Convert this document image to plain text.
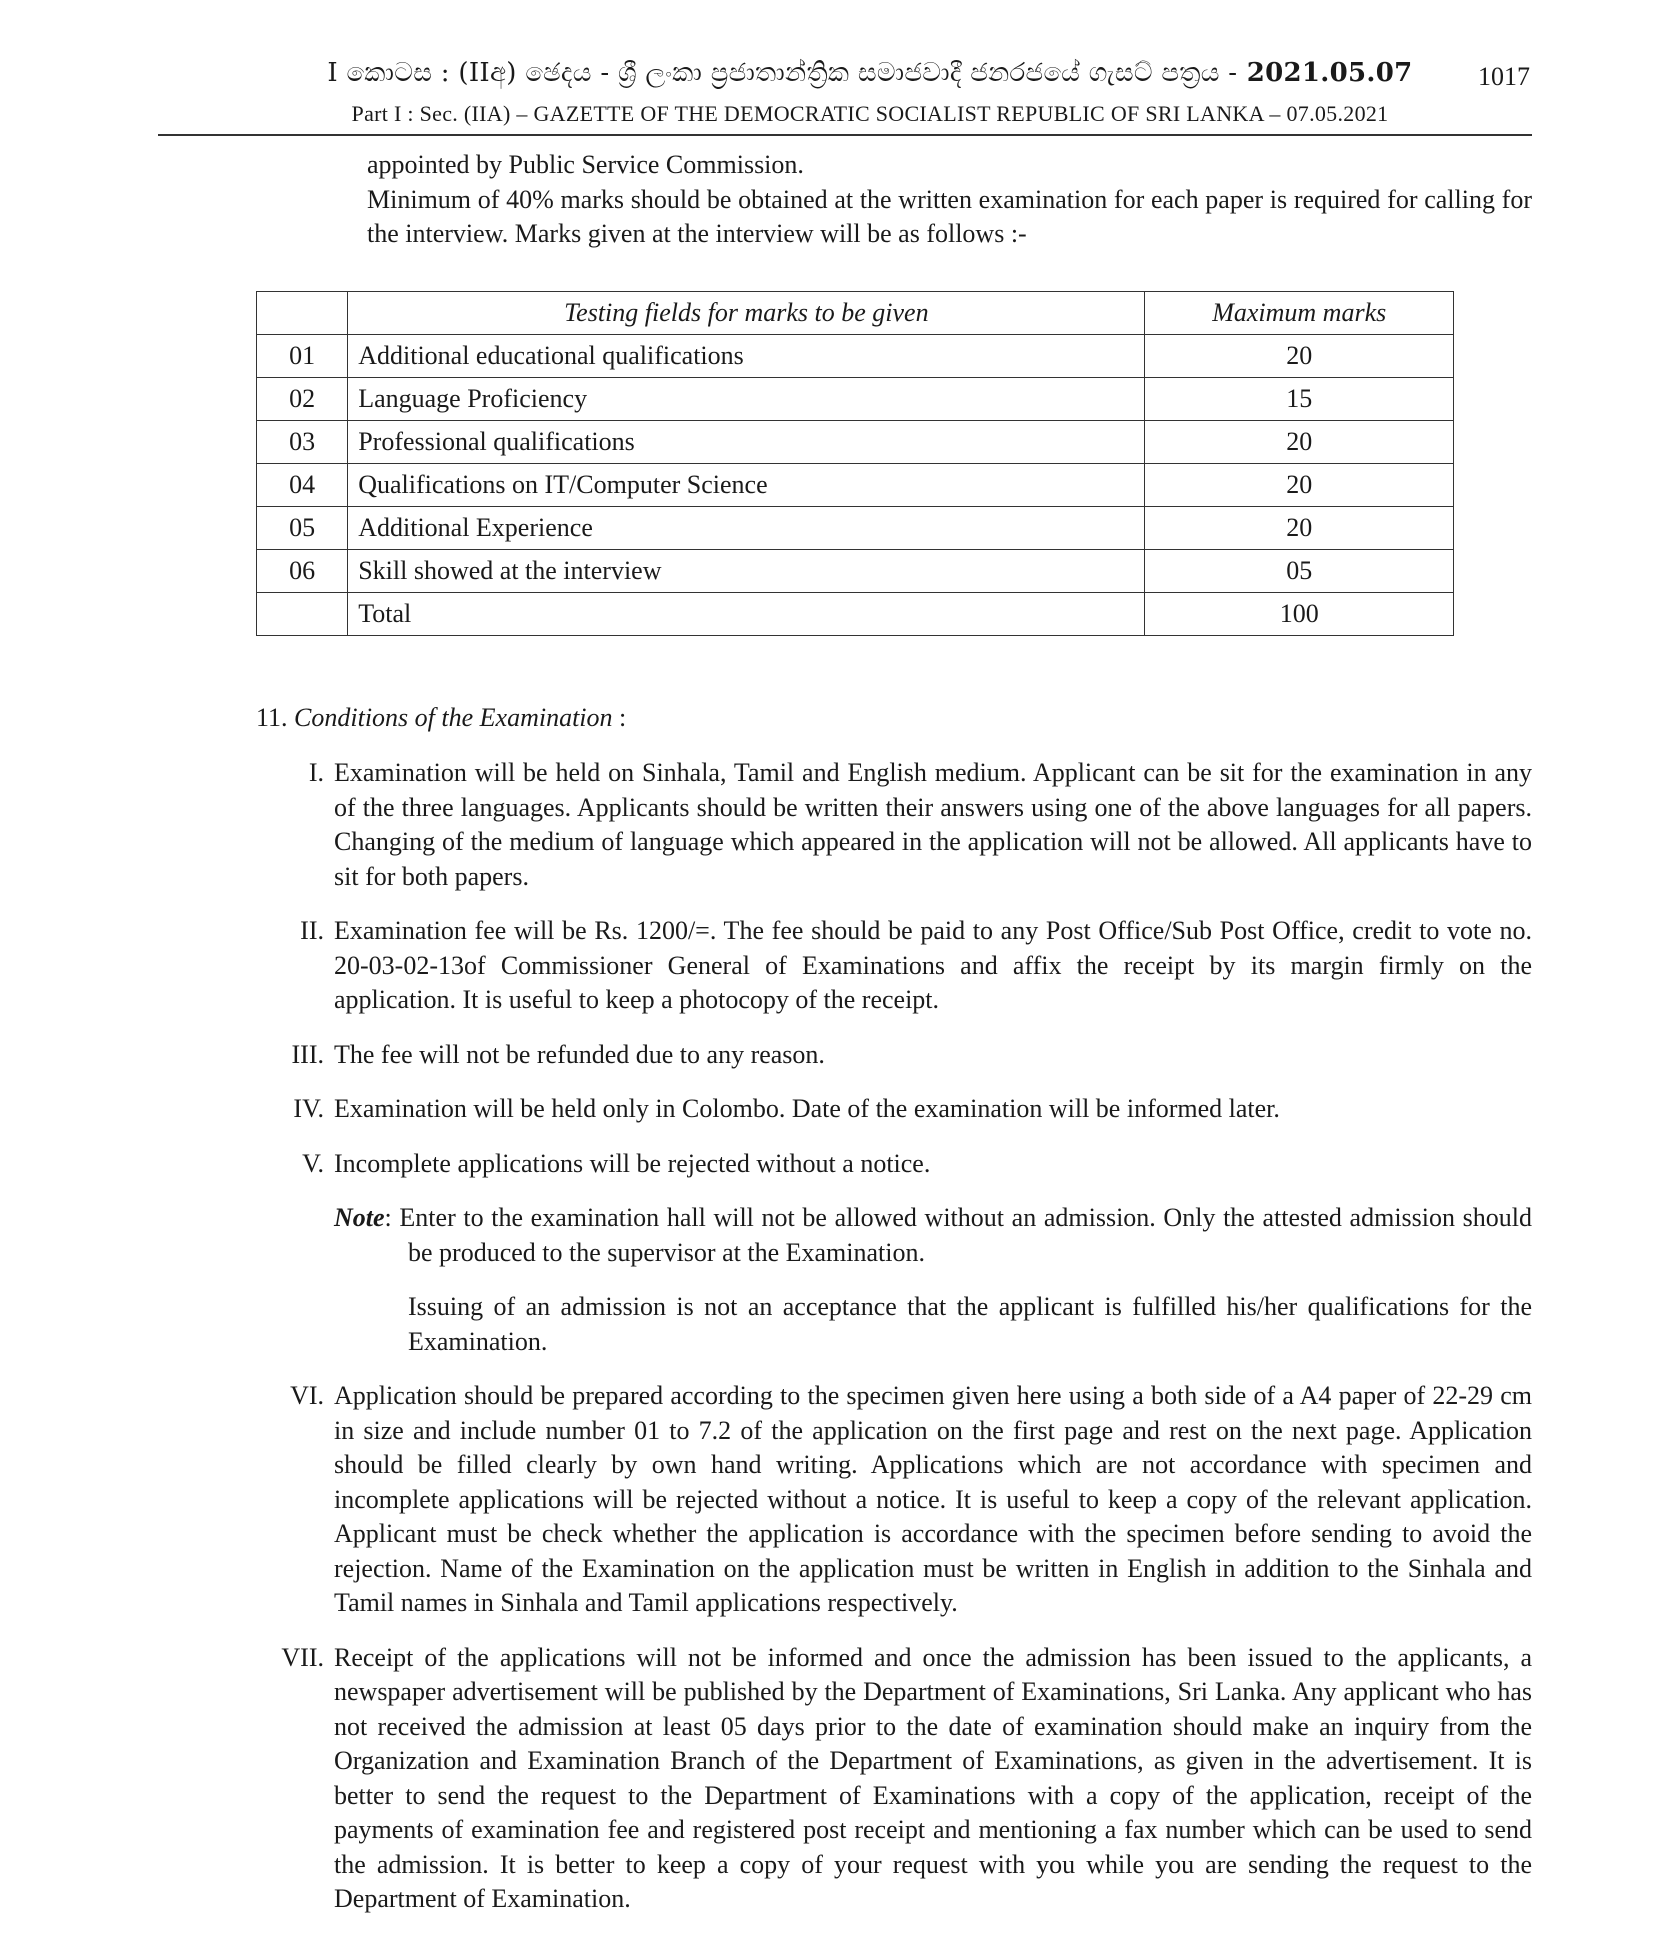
I කොටස : (IIඅ) ඡෙදය - ශ්‍රී ලංකා ප්‍රජාතාන්ත්‍රික සමාජවාදී ජනරජයේ ගැසට් පත්‍රය - 2021.05.07	1017
Part I : Sec. (IIA) – GAZETTE OF THE DEMOCRATIC SOCIALIST REPUBLIC OF SRI LANKA – 07.05.2021

appointed by Public Service Commission.

Minimum of 40% marks should be obtained at the written examination for each paper is required for calling for the interview. Marks given at the interview will be as follows :-

	Testing fields for marks to be given	Maximum marks
01	Additional educational qualifications	20
02	Language Proficiency	15
03	Professional qualifications	20
04	Qualifications on IT/Computer Science	20
05	Additional Experience	20
06	Skill showed at the interview	05
	Total	100
11. Conditions of the Examination :
I. Examination will be held on Sinhala, Tamil and English medium. Applicant can be sit for the examination in any of the three languages. Applicants should be written their answers using one of the above languages for all papers. Changing of the medium of language which appeared in the application will not be allowed. All applicants have to sit for both papers.
II. Examination fee will be Rs. 1200/=. The fee should be paid to any Post Office/Sub Post Office, credit to vote no. 20-03-02-13of Commissioner General of Examinations and affix the receipt by its margin firmly on the application. It is useful to keep a photocopy of the receipt.
III. The fee will not be refunded due to any reason.
IV. Examination will be held only in Colombo. Date of the examination will be informed later.
V. Incomplete applications will be rejected without a notice.
Note: Enter to the examination hall will not be allowed without an admission. Only the attested admission should be produced to the supervisor at the Examination.
Issuing of an admission is not an acceptance that the applicant is fulfilled his/her qualifications for the Examination.
VI. Application should be prepared according to the specimen given here using a both side of a A4 paper of 22-29 cm in size and include number 01 to 7.2 of the application on the first page and rest on the next page. Application should be filled clearly by own hand writing. Applications which are not accordance with specimen and incomplete applications will be rejected without a notice. It is useful to keep a copy of the relevant application. Applicant must be check whether the application is accordance with the specimen before sending to avoid the rejection. Name of the Examination on the application must be written in English in addition to the Sinhala and Tamil names in Sinhala and Tamil applications respectively.
VII. Receipt of the applications will not be informed and once the admission has been issued to the applicants, a newspaper advertisement will be published by the Department of Examinations, Sri Lanka. Any applicant who has not received the admission at least 05 days prior to the date of examination should make an inquiry from the Organization and Examination Branch of the Department of Examinations, as given in the advertisement. It is better to send the request to the Department of Examinations with a copy of the application, receipt of the payments of examination fee and registered post receipt and mentioning a fax number which can be used to send the admission. It is better to keep a copy of your request with you while you are sending the request to the Department of Examination.
